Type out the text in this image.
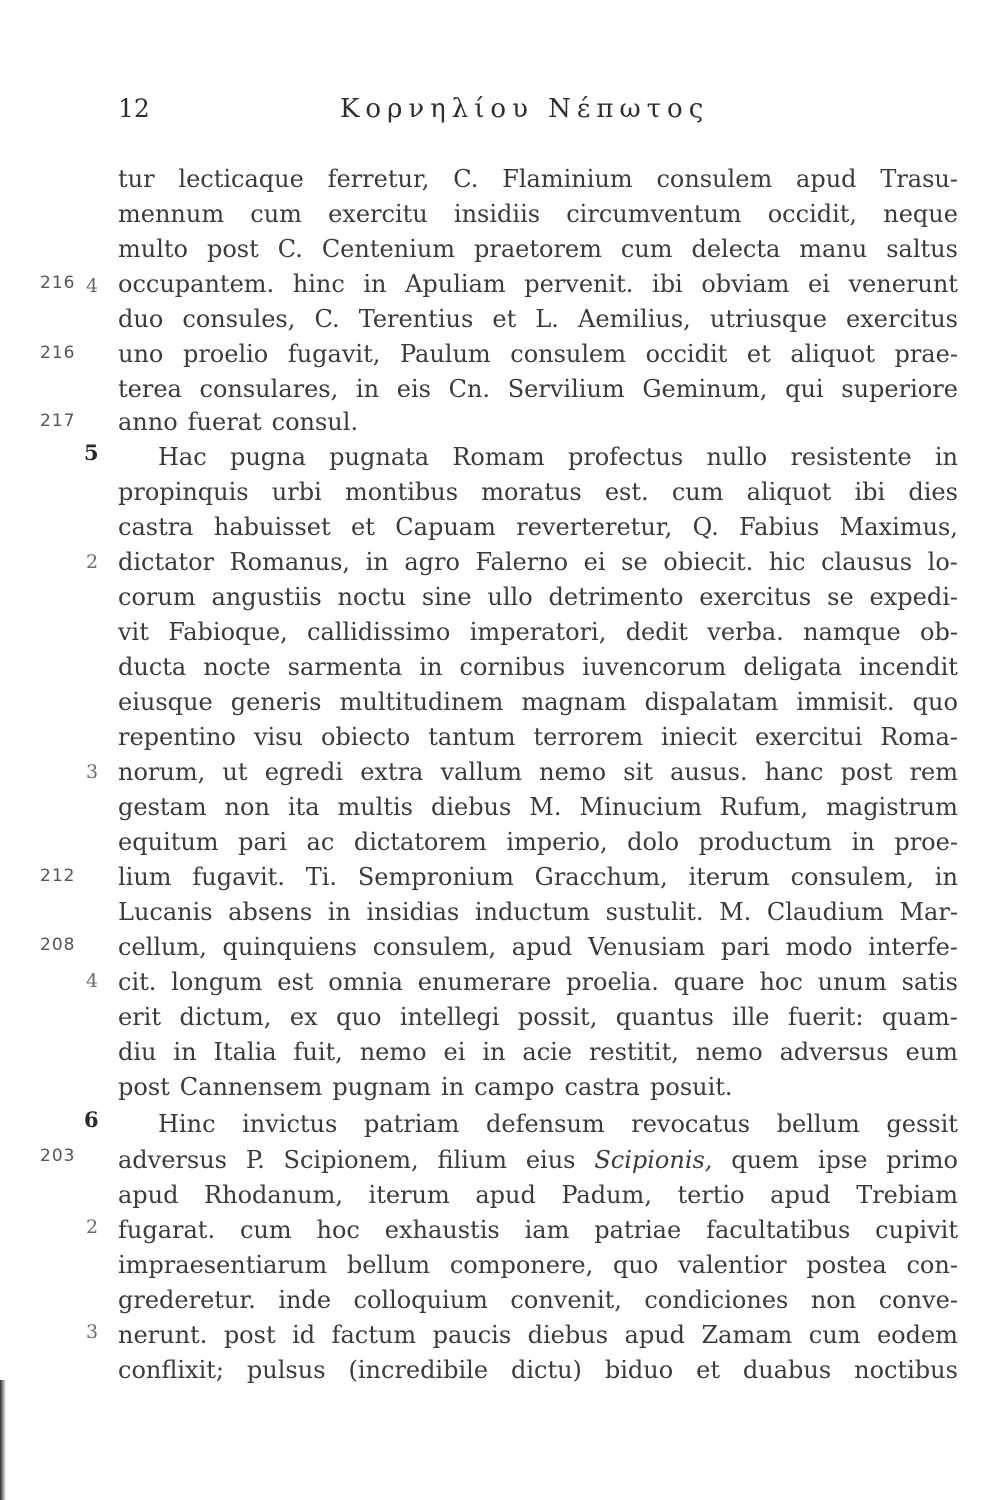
12	Κορνηλίου Νέπωτος
216
216
217
212
208
203
5
6
4
2
3
4
2
3
tur lecticaque ferretur, C. Flaminium consulem apud Trasu-
mennum cum exercitu insidiis circumventum occidit, neque
multo post C. Centenium praetorem cum delecta manu saltus
occupantem. hinc in Apuliam pervenit. ibi obviam ei venerunt
duo consules, C. Terentius et L. Aemilius, utriusque exercitus
uno proelio fugavit, Paulum consulem occidit et aliquot prae-
terea consulares, in eis Cn. Servilium Geminum, qui superiore
anno fuerat consul.
Hac pugna pugnata Romam profectus nullo resistente in
propinquis urbi montibus moratus est. cum aliquot ibi dies
castra habuisset et Capuam reverteretur, Q. Fabius Maximus,
dictator Romanus, in agro Falerno ei se obiecit. hic clausus lo-
corum angustiis noctu sine ullo detrimento exercitus se expedi-
vit Fabioque, callidissimo imperatori, dedit verba. namque ob-
ducta nocte sarmenta in cornibus iuvencorum deligata incendit
eiusque generis multitudinem magnam dispalatam immisit. quo
repentino visu obiecto tantum terrorem iniecit exercitui Roma-
norum, ut egredi extra vallum nemo sit ausus. hanc post rem
gestam non ita multis diebus M. Minucium Rufum, magistrum
equitum pari ac dictatorem imperio, dolo productum in proe-
lium fugavit. Ti. Sempronium Gracchum, iterum consulem, in
Lucanis absens in insidias inductum sustulit. M. Claudium Mar-
cellum, quinquiens consulem, apud Venusiam pari modo interfe-
cit. longum est omnia enumerare proelia. quare hoc unum satis
erit dictum, ex quo intellegi possit, quantus ille fuerit: quam-
diu in Italia fuit, nemo ei in acie restitit, nemo adversus eum
post Cannensem pugnam in campo castra posuit.
Hinc invictus patriam defensum revocatus bellum gessit
adversus P. Scipionem, filium eius Scipionis, quem ipse primo
apud Rhodanum, iterum apud Padum, tertio apud Trebiam
fugarat. cum hoc exhaustis iam patriae facultatibus cupivit
impraesentiarum bellum componere, quo valentior postea con-
grederetur. inde colloquium convenit, condiciones non conve-
nerunt. post id factum paucis diebus apud Zamam cum eodem
conflixit; pulsus (incredibile dictu) biduo et duabus noctibus
